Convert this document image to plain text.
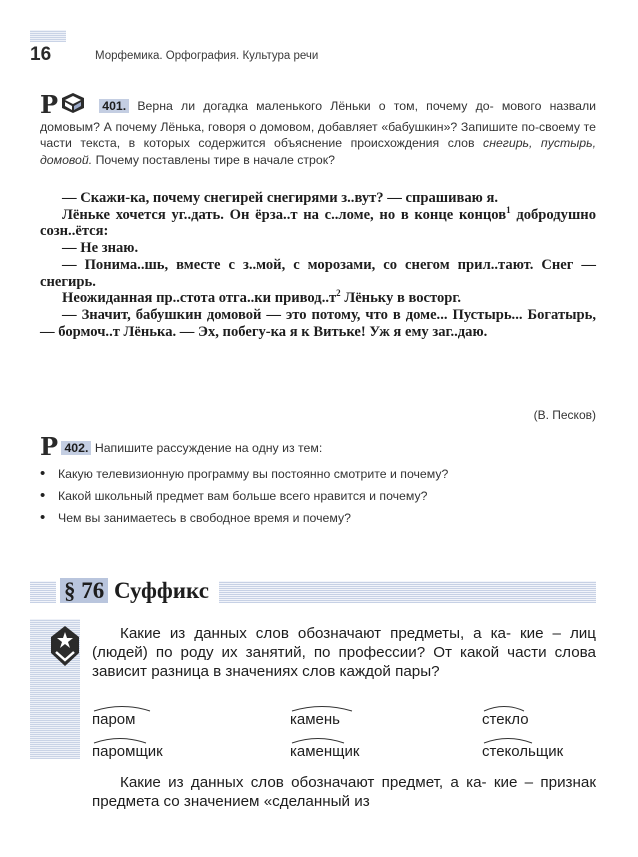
16	Морфемика. Орфография. Культура речи
Р	401. Верна ли догадка маленького Лёньки о том, почему до- мового назвали домовым? А почему Лёнька, говоря о домовом, добавляет «бабушкин»? Запишите по-своему те части текста, в которых содержится объяснение происхождения слов снегирь, пустырь, домовой. Почему поставлены тире в начале строк?

— Скажи-ка, почему снегирей снегирями з..вут? — спрашиваю я.

Лёньке хочется уг..дать. Он ёрза..т на с..ломе, но в конце концов$^1$ добродушно созн..ётся:

— Не знаю.

— Понима..шь, вместе с з..мой, с морозами, со снегом прил..тают. Снег — снегирь.

Неожиданная пр..стота отга..ки $привод..т^2$ Лёньку в восторг.

— Значит, бабушкин домовой — это потому, что в доме... Пустырь... Богатырь, — бормоч..т Лёнька. — Эх, побегу-ка я к Витьке! Уж я ему заг..даю.

(В. Песков)
Р 402. Напишите рассуждение на одну из тем:
• Какую телевизионную программу вы постоянно смотрите и почему?
• Какой школьный предмет вам больше всего нравится и почему?
• Чем вы занимаетесь в свободное время и почему?
§ 76 Суффикс

Какие из данных слов обозначают предметы, а ка- кие – лиц (людей) по роду их занятий, по профессии? От какой части слова зависит разница в значениях слов каждой пары?

паром	камень	стекло
паромщик	каменщик	стекольщик

Какие из данных слов обозначают предмет, а ка- кие – признак предмета со значением «сделанный из
